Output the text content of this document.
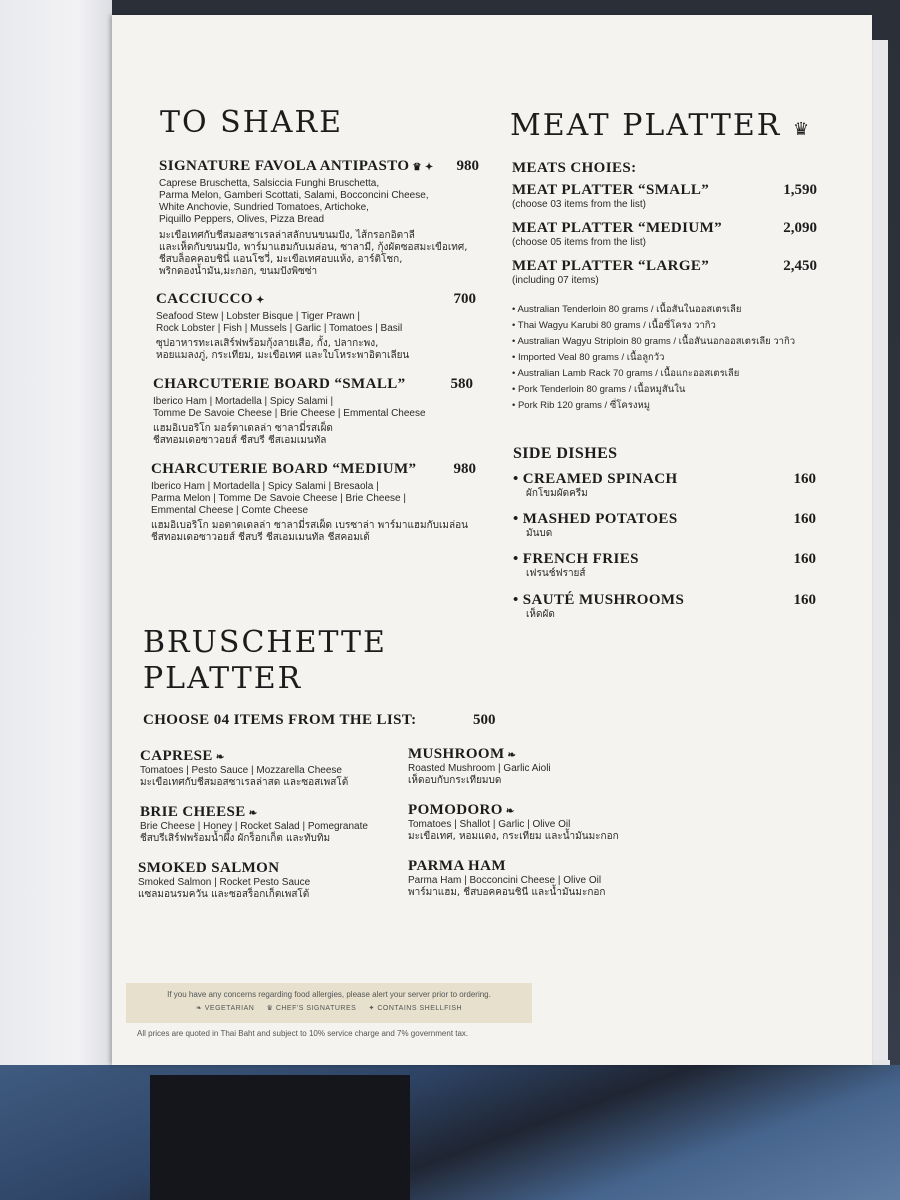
TO SHARE
SIGNATURE FAVOLA ANTIPASTO ♛ ✦ 980
Caprese Bruschetta, Salsiccia Funghi Bruschetta,
Parma Melon, Gamberi Scottati, Salami, Bocconcini Cheese,
White Anchovie, Sundried Tomatoes, Artichoke,
Piquillo Peppers, Olives, Pizza Bread
มะเขือเทศกับชีสมอสซาเรลล่าสลักบนขนมปัง, ไส้กรอกอิตาลี
และเห็ดกับขนมปัง, พาร์มาแฮมกับเมล่อน, ซาลามี, กุ้งผัดซอสมะเขือเทศ,
ชีสบล็อคคอบชินี่ แอนโชวี่, มะเขือเทศอบแห้ง, อาร์ติโชก,
พริกดองน้ำมัน,มะกอก, ขนมปังพิซซ่า
CACCIUCCO ✦	700
Seafood Stew | Lobster Bisque | Tiger Prawn |
Rock Lobster | Fish | Mussels | Garlic | Tomatoes | Basil
ซุปอาหารทะเลเสิร์ฟพร้อมกุ้งลายเสือ, กั้ง, ปลากะพง,
หอยแมลงภู่, กระเทียม, มะเขือเทศ และใบโหระพาอิตาเลียน
CHARCUTERIE BOARD “SMALL”	580
Iberico Ham | Mortadella | Spicy Salami |
Tomme De Savoie Cheese | Brie Cheese | Emmental Cheese
แฮมอิเบอริโก มอร์ตาเดลล่า ซาลามี่รสเผ็ด
ชีสทอมเดอซาวอยส์ ชีสบรี ชีสเอมเมนทัล
CHARCUTERIE BOARD “MEDIUM” 980
Iberico Ham | Mortadella | Spicy Salami | Bresaola |
Parma Melon | Tomme De Savoie Cheese | Brie Cheese |
Emmental Cheese | Comte Cheese
แฮมอิเบอริโก มอตาดเดลล่า ซาลามี่รสเผ็ด เบรซาล่า พาร์มาแฮมกับเมล่อน
ชีสทอมเดอซาวอยส์ ชีสบรี ชีสเอมเมนทัล ชีสคอมเต้
MEAT PLATTER ♛
MEATS CHOIES:
MEAT PLATTER “SMALL”	1,590
(choose 03 items from the list)
MEAT PLATTER “MEDIUM”	2,090
(choose 05 items from the list)
MEAT PLATTER “LARGE”	2,450
(including 07 items)
• Australian Tenderloin 80 grams / เนื้อสันในออสเตรเลีย
• Thai Wagyu Karubi 80 grams / เนื้อซี่โครง วากิว
• Australian Wagyu Striploin 80 grams / เนื้อสันนอกออสเตรเลีย วากิว
• Imported Veal 80 grams / เนื้อลูกวัว
• Australian Lamb Rack 70 grams / เนื้อแกะออสเตรเลีย
• Pork Tenderloin 80 grams / เนื้อหมูสันใน
• Pork Rib 120 grams / ซี่โครงหมู
SIDE DISHES
• CREAMED SPINACH	160
ผักโขมผัดครีม
• MASHED POTATOES	160
มันบด
• FRENCH FRIES	160
เฟรนช์ฟรายส์
• SAUTÉ MUSHROOMS	160
เห็ดผัด
BRUSCHETTE
PLATTER
CHOOSE 04 ITEMS FROM THE LIST:	500
CAPRESE ❧
Tomatoes | Pesto Sauce | Mozzarella Cheese
มะเขือเทศกับชีสมอสซาเรลล่าสด และซอสเพสโต้
BRIE CHEESE ❧
Brie Cheese | Honey | Rocket Salad | Pomegranate
ชีสบรีเสิร์ฟพร้อมน้ำผึ้ง ผักร็อกเก็ต และทับทิม
SMOKED SALMON
Smoked Salmon | Rocket Pesto Sauce
แซลมอนรมควัน และซอสร็อกเก็ตเพสโต้
MUSHROOM ❧
Roasted Mushroom | Garlic Aioli
เห็ดอบกับกระเทียมบด
POMODORO ❧
Tomatoes | Shallot | Garlic | Olive Oil
มะเขือเทศ, หอมแดง, กระเทียม และน้ำมันมะกอก
PARMA HAM
Parma Ham | Bocconcini Cheese | Olive Oil
พาร์มาแฮม, ชีสบอคคอนชินี และน้ำมันมะกอก
If you have any concerns regarding food allergies, please alert your server prior to ordering.
❧ VEGETARIAN ♛ CHEF'S SIGNATURES ✦ CONTAINS SHELLFISH
All prices are quoted in Thai Baht and subject to 10% service charge and 7% government tax.
